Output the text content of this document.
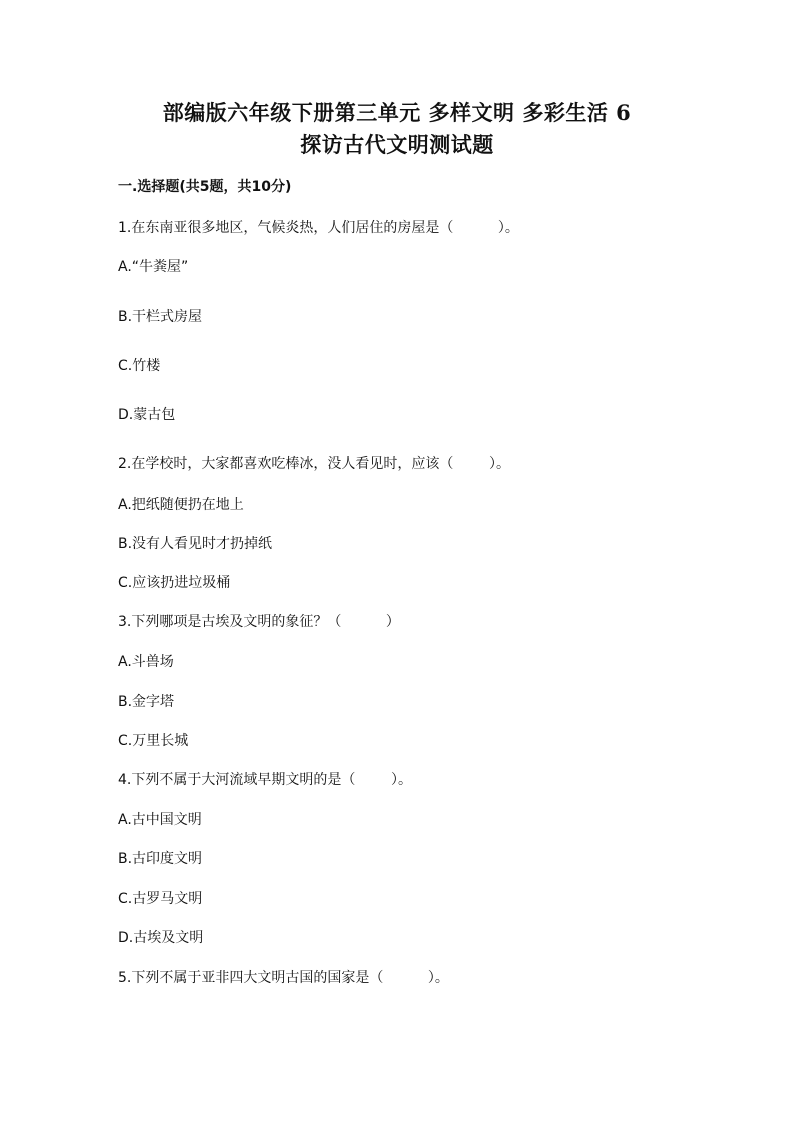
部编版六年级下册第三单元 多样文明 多彩生活 6
探访古代文明测试题

一.选择题(共5题，共10分)

1.在东南亚很多地区，气候炎热，人们居住的房屋是（          ）。

A.“牛粪屋”

B.干栏式房屋

C.竹楼

D.蒙古包

2.在学校时，大家都喜欢吃棒冰，没人看见时，应该（        ）。

A.把纸随便扔在地上

B.没有人看见时才扔掉纸

C.应该扔进垃圾桶

3.下列哪项是古埃及文明的象征？（          ）

A.斗兽场

B.金字塔

C.万里长城

4.下列不属于大河流域早期文明的是（        ）。

A.古中国文明

B.古印度文明

C.古罗马文明

D.古埃及文明

5.下列不属于亚非四大文明古国的国家是（          ）。
